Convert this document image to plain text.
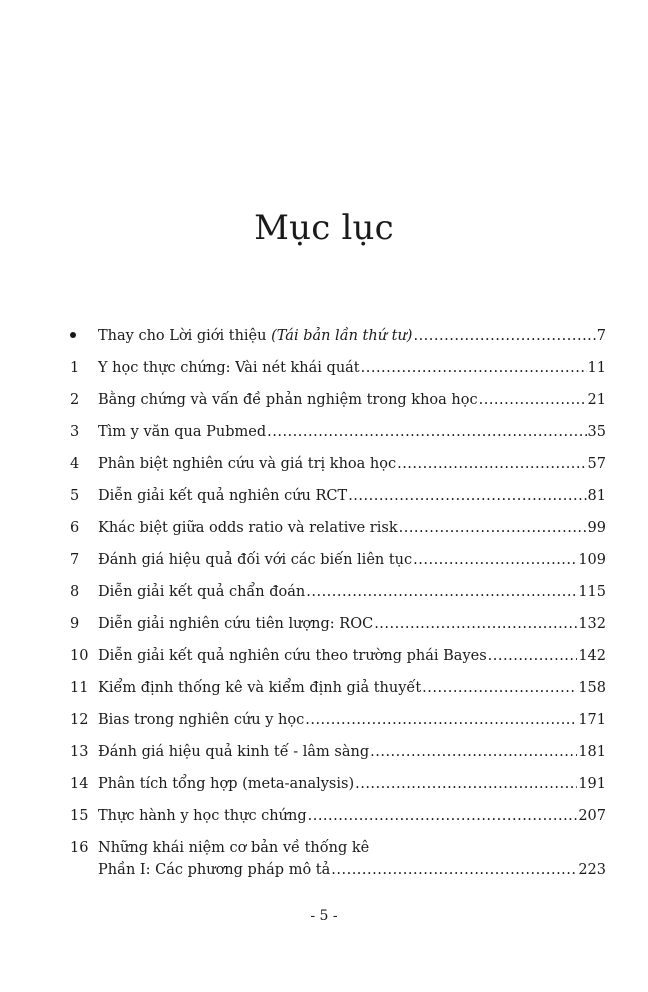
Mục lục
Thay cho Lời giới thiệu (Tái bản lần thứ tư) .....	7
1	Y học thực chứng: Vài nét khái quát .....	11
2	Bằng chứng và vấn đề phản nghiệm trong khoa học .....	21
3	Tìm y văn qua Pubmed .....	35
4	Phân biệt nghiên cứu và giá trị khoa học .....	57
5	Diễn giải kết quả nghiên cứu RCT .....	81
6	Khác biệt giữa odds ratio và relative risk .....	99
7	Đánh giá hiệu quả đối với các biến liên tục .....	109
8	Diễn giải kết quả chẩn đoán .....	115
9	Diễn giải nghiên cứu tiên lượng: ROC .....	132
10 Diễn giải kết quả nghiên cứu theo trường phái Bayes .....	142
11 Kiểm định thống kê và kiểm định giả thuyết .....	158
12 Bias trong nghiên cứu y học .....	171
13 Đánh giá hiệu quả kinh tế - lâm sàng .....	181
14 Phân tích tổng hợp (meta-analysis) .....	191
15 Thực hành y học thực chứng .....	207
16 Những khái niệm cơ bản về thống kê
Phần I: Các phương pháp mô tả .....	223
- 5 -
